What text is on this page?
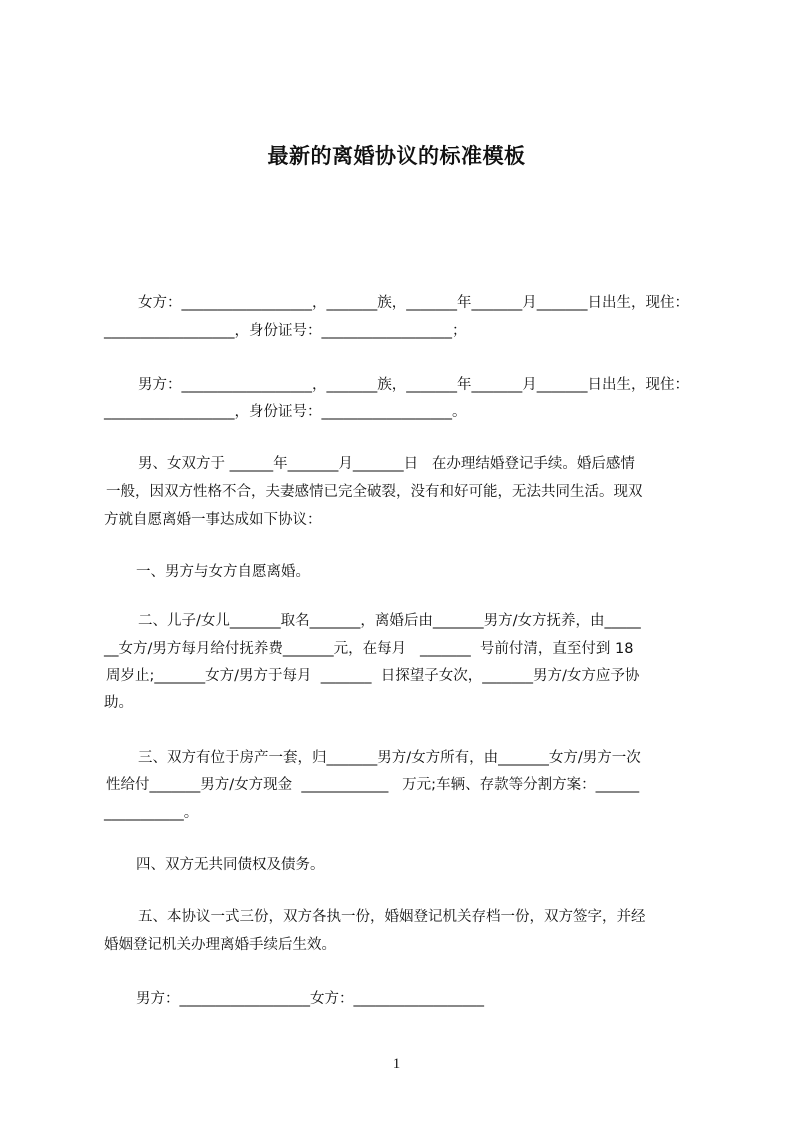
最新的离婚协议的标准模板
女方：__________________，_______族，_______年_______月_______日出生，现住：
__________________，身份证号：__________________；
男方：__________________，_______族，_______年_______月_______日出生，现住：
__________________，身份证号：__________________。
男、女双方于 ______年_______月_______日   在办理结婚登记手续。婚后感情
一般，因双方性格不合，夫妻感情已完全破裂，没有和好可能，无法共同生活。现双
方就自愿离婚一事达成如下协议：
一、男方与女方自愿离婚。
二、儿子/女儿_______取名_______，离婚后由_______男方/女方抚养，由_____
__女方/男方每月给付抚养费_______元，在每月   _______  号前付清，直至付到 18
周岁止;_______女方/男方于每月  _______  日探望子女次，_______男方/女方应予协
助。
三、双方有位于房产一套，归_______男方/女方所有，由_______女方/男方一次
性给付_______男方/女方现金  ____________   万元;车辆、存款等分割方案：______
___________。
四、双方无共同债权及债务。
五、本协议一式三份，双方各执一份，婚姻登记机关存档一份，双方签字，并经
婚姻登记机关办理离婚手续后生效。
男方：__________________女方：__________________
1
